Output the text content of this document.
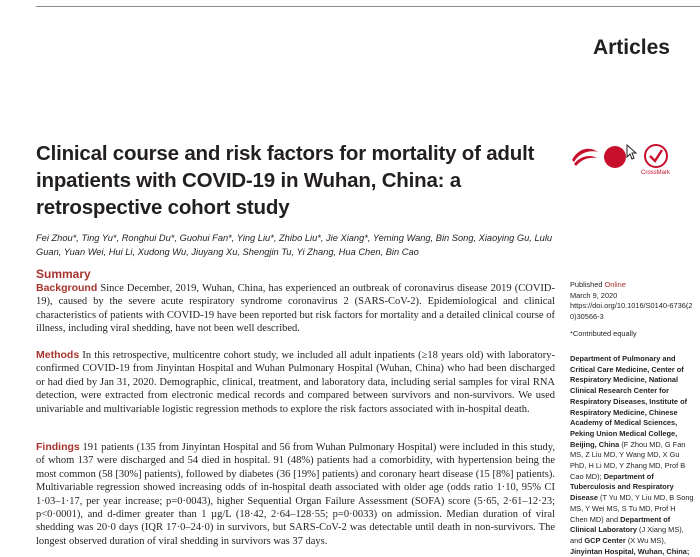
Articles
Clinical course and risk factors for mortality of adult inpatients with COVID-19 in Wuhan, China: a retrospective cohort study
CrossMark
Fei Zhou*, Ting Yu*, Ronghui Du*, Guohui Fan*, Ying Liu*, Zhibo Liu*, Jie Xiang*, Yeming Wang, Bin Song, Xiaoying Gu, Lulu Guan, Yuan Wei, Hui Li, Xudong Wu, Jiuyang Xu, Shengjin Tu, Yi Zhang, Hua Chen, Bin Cao
Summary
Background Since December, 2019, Wuhan, China, has experienced an outbreak of coronavirus disease 2019 (COVID-19), caused by the severe acute respiratory syndrome coronavirus 2 (SARS-CoV-2). Epidemiological and clinical characteristics of patients with COVID-19 have been reported but risk factors for mortality and a detailed clinical course of illness, including viral shedding, have not been well described.
Methods In this retrospective, multicentre cohort study, we included all adult inpatients (≥18 years old) with laboratory-confirmed COVID-19 from Jinyintan Hospital and Wuhan Pulmonary Hospital (Wuhan, China) who had been discharged or had died by Jan 31, 2020. Demographic, clinical, treatment, and laboratory data, including serial samples for viral RNA detection, were extracted from electronic medical records and compared between survivors and non-survivors. We used univariable and multivariable logistic regression methods to explore the risk factors associated with in-hospital death.
Findings 191 patients (135 from Jinyintan Hospital and 56 from Wuhan Pulmonary Hospital) were included in this study, of whom 137 were discharged and 54 died in hospital. 91 (48%) patients had a comorbidity, with hypertension being the most common (58 [30%] patients), followed by diabetes (36 [19%] patients) and coronary heart disease (15 [8%] patients). Multivariable regression showed increasing odds of in-hospital death associated with older age (odds ratio 1·10, 95% CI 1·03–1·17, per year increase; p=0·0043), higher Sequential Organ Failure Assessment (SOFA) score (5·65, 2·61–12·23; p<0·0001), and d-dimer greater than 1 µg/L (18·42, 2·64–128·55; p=0·0033) on admission. Median duration of viral shedding was 20·0 days (IQR 17·0–24·0) in survivors, but SARS-CoV-2 was detectable until death in non-survivors. The longest observed duration of viral shedding in survivors was 37 days.
Published Online
March 9, 2020
https://doi.org/10.1016/S0140-6736(20)30566-3
*Contributed equally
Department of Pulmonary and Critical Care Medicine, Center of Respiratory Medicine, National Clinical Research Center for Respiratory Diseases, Institute of Respiratory Medicine, Chinese Academy of Medical Sciences, Peking Union Medical College, Beijing, China (F Zhou MD, G Fan MS, Z Liu MD, Y Wang MD, X Gu PhD, H Li MD, Y Zhang MD, Prof B Cao MD); Department of Tuberculosis and Respiratory Disease (T Yu MD, Y Liu MD, B Song MS, Y Wei MS, S Tu MD, Prof H Chen MD) and Department of Clinical Laboratory (J Xiang MS), and GCP Center (X Wu MS), Jinyintan Hospital, Wuhan, China;
